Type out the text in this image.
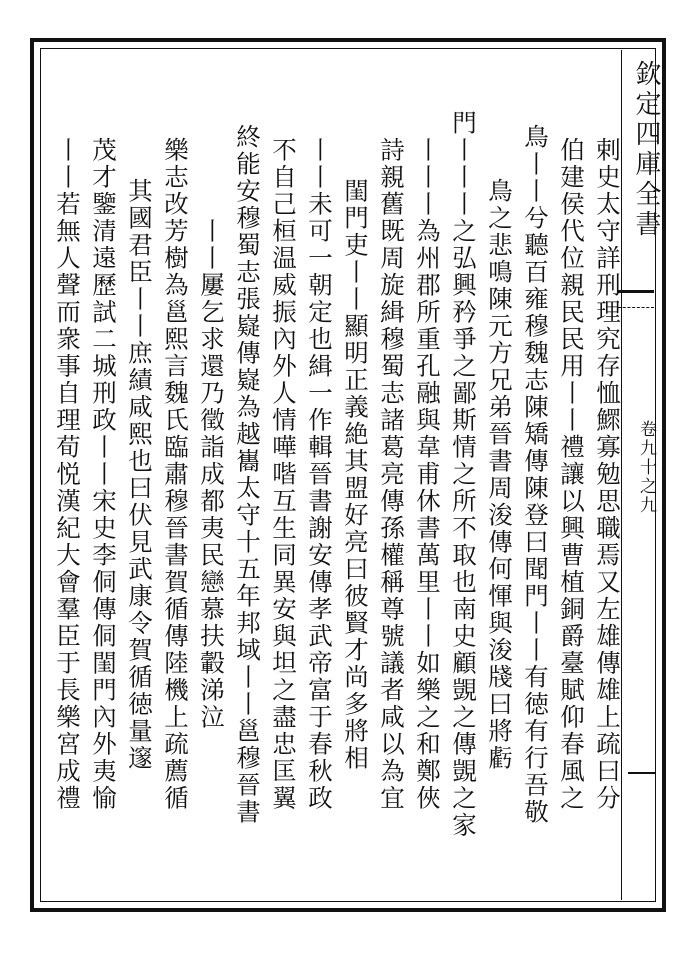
欽定四庫全書
卷九十之九
剌史太守詳刑理究存恤鰥寡勉思職焉又左雄傳雄上疏曰分
伯建侯代位親民民用丨丨禮讓以興曹植銅爵臺賦仰春風之
鳥丨丨兮聽百雍穆魏志陳矯傳陳登曰聞門丨丨有徳有行吾敬
鳥之悲鳴陳元方兄弟晉書周浚傳何惲與浚牋曰將虧
門丨丨丨之弘興矜爭之鄙斯情之所不取也南史顧覬之傳覬之家
丨丨丨為州郡所重孔融與韋甫休書萬里丨丨如樂之和鄭俠
詩親舊既周旋緝穆蜀志諸葛亮傳孫權稱尊號議者咸以為宜
閨門吏丨丨顯明正義絶其盟好亮曰彼賢才尚多將相
丨丨未可一朝定也緝一作輯晉書謝安傳孝武帝富于春秋政
不自己桓温威振內外人情嘩喈互生同異安與坦之盡忠匡翼
終能安穆蜀志張嶷傳嶷為越巂太守十五年邦域丨丨邕穆晉書
丨丨屢乞求還乃徵詣成都夷民戀慕扶轂涕泣
樂志改芳樹為邕熙言魏氏臨肅穆晉書賀循傳陸機上疏薦循
其國君臣丨丨庶績咸熙也曰伏見武康令賀循徳量邃
茂才鑒清遠歷試二城刑政丨丨宋史李侗傳侗閨門內外夷愉
丨丨若無人聲而衆事自理荀悦漢紀大會羣臣于長樂宮成禮
